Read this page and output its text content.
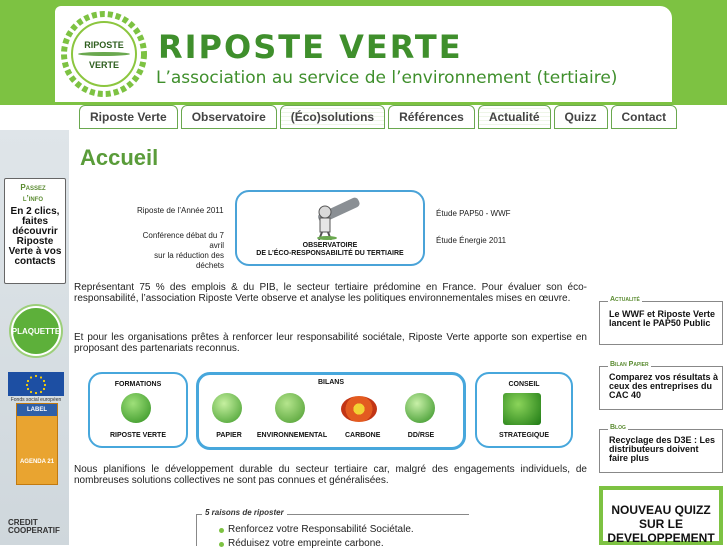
RIPOSTE
VERTE RIPOSTE VERTE
L’association au service de l’environnement (tertiaire)
Riposte Verte	Observatoire	(Éco)solutions	Références	Actualité	Quizz	Contact
Passez
l’info
En 2 clics, faites découvrir Riposte Verte à vos contacts
PLAQUETTE
Fonds social européen
LABEL
AGENDA 21
CREDIT COOPERATIF
Accueil
Riposte de l’Année 2011
Conférence débat du 7 avril
sur la réduction des déchets
Étude PAP50 - WWF
Étude Énergie 2011
OBSERVATOIRE
DE L’ÉCO-RESPONSABILITÉ DU TERTIAIRE
Représentant 75 % des emplois & du PIB, le secteur tertiaire prédomine en France. Pour évaluer son éco-responsabilité, l’association Riposte Verte observe et analyse les politiques environnementales mises en œuvre.
Et pour les organisations prêtes à renforcer leur responsabilité sociétale, Riposte Verte apporte son expertise en proposant des partenariats reconnus.
FORMATIONS
RIPOSTE VERTE
BILANS
PAPIER	ENVIRONNEMENTAL	CARBONE	DD/RSE
CONSEIL
STRATEGIQUE
Nous planifions le développement durable du secteur tertiaire car, malgré des engagements individuels, de nombreuses solutions collectives ne sont pas connues et généralisées.
5 raisons de riposter
Renforcez votre Responsabilité Sociétale.
Réduisez votre empreinte carbone.
Actualité
Le WWF et Riposte Verte lancent le PAP50 Public
Bilan Papier
Comparez vos résultats à ceux des entreprises du CAC 40
Blog
Recyclage des D3E : Les distributeurs doivent faire plus
NOUVEAU QUIZZ
SUR LE
DEVELOPPEMENT
